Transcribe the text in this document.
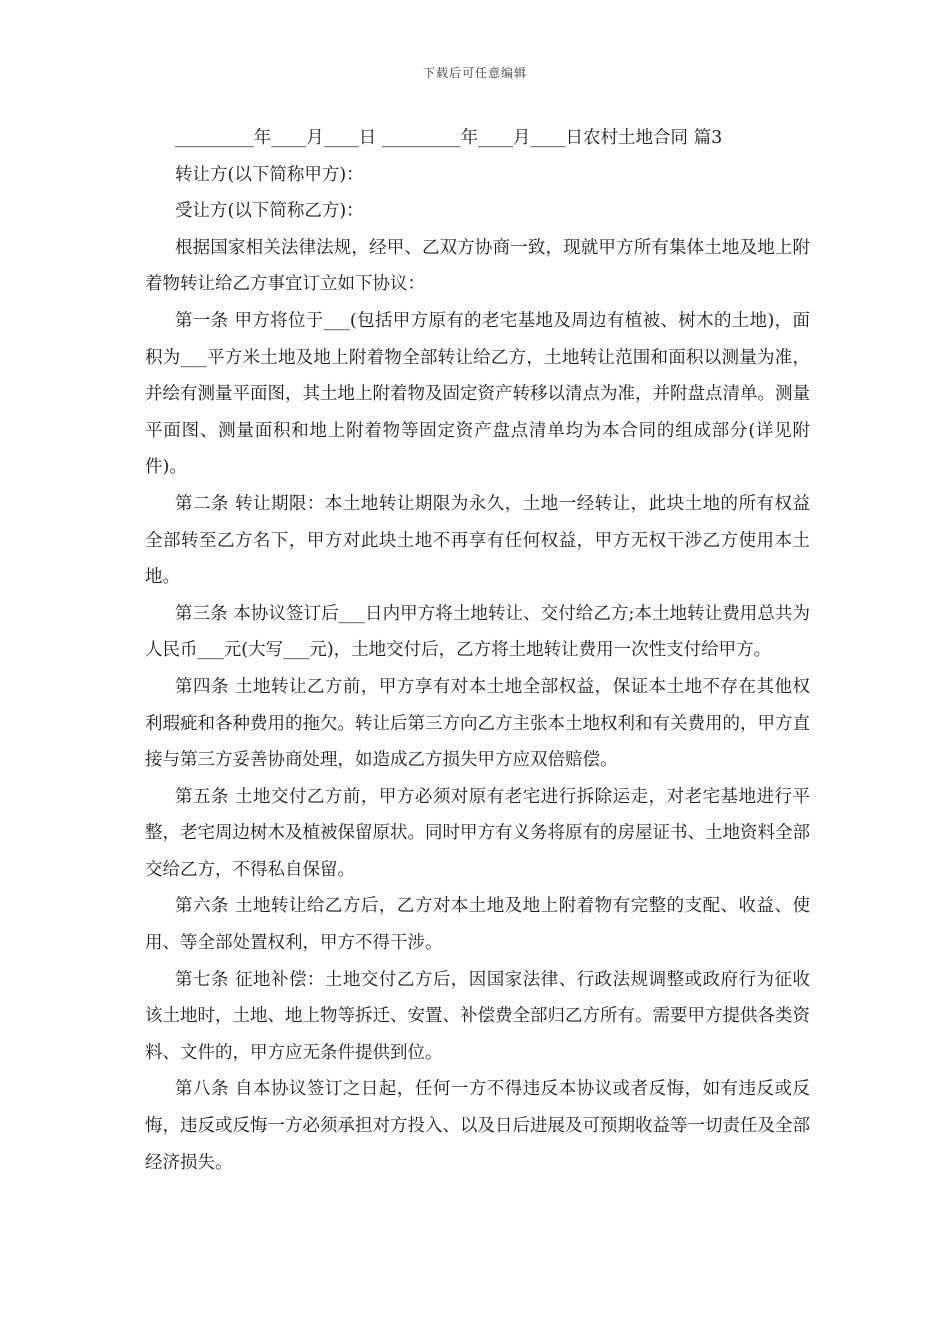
下载后可任意编辑

_________年____月____日 _________年____月____日农村土地合同 篇3

转让方(以下简称甲方)：

受让方(以下简称乙方)：

根据国家相关法律法规，经甲、乙双方协商一致，现就甲方所有集体土地及地上附着物转让给乙方事宜订立如下协议：

第一条 甲方将位于___(包括甲方原有的老宅基地及周边有植被、树木的土地)，面积为___平方米土地及地上附着物全部转让给乙方，土地转让范围和面积以测量为准，并绘有测量平面图，其土地上附着物及固定资产转移以清点为准，并附盘点清单。测量平面图、测量面积和地上附着物等固定资产盘点清单均为本合同的组成部分(详见附件)。

第二条 转让期限：本土地转让期限为永久，土地一经转让，此块土地的所有权益全部转至乙方名下，甲方对此块土地不再享有任何权益，甲方无权干涉乙方使用本土地。

第三条 本协议签订后___日内甲方将土地转让、交付给乙方;本土地转让费用总共为人民币___元(大写___元)，土地交付后，乙方将土地转让费用一次性支付给甲方。

第四条 土地转让乙方前，甲方享有对本土地全部权益，保证本土地不存在其他权利瑕疵和各种费用的拖欠。转让后第三方向乙方主张本土地权利和有关费用的，甲方直接与第三方妥善协商处理，如造成乙方损失甲方应双倍赔偿。

第五条 土地交付乙方前，甲方必须对原有老宅进行拆除运走，对老宅基地进行平整，老宅周边树木及植被保留原状。同时甲方有义务将原有的房屋证书、土地资料全部交给乙方，不得私自保留。

第六条 土地转让给乙方后，乙方对本土地及地上附着物有完整的支配、收益、使用、等全部处置权利，甲方不得干涉。

第七条 征地补偿：土地交付乙方后，因国家法律、行政法规调整或政府行为征收该土地时，土地、地上物等拆迁、安置、补偿费全部归乙方所有。需要甲方提供各类资料、文件的，甲方应无条件提供到位。

第八条 自本协议签订之日起，任何一方不得违反本协议或者反悔，如有违反或反悔，违反或反悔一方必须承担对方投入、以及日后进展及可预期收益等一切责任及全部经济损失。
